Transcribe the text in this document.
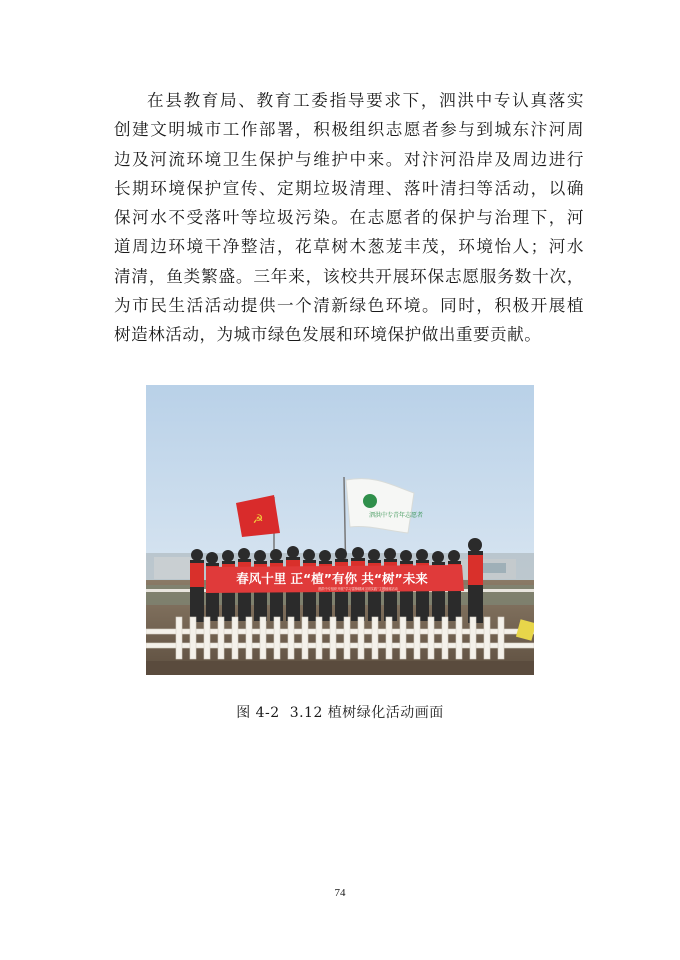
在县教育局、教育工委指导要求下，泗洪中专认真落实
创建文明城市工作部署，积极组织志愿者参与到城东汴河周
边及河流环境卫生保护与维护中来。对汴河沿岸及周边进行
长期环境保护宣传、定期垃圾清理、落叶清扫等活动，以确
保河水不受落叶等垃圾污染。在志愿者的保护与治理下，河
道周边环境干净整洁，花草树木葱茏丰茂，环境怡人；河水
清清，鱼类繁盛。三年来，该校共开展环保志愿服务数十次，
为市民生活活动提供一个清新绿色环境。同时，积极开展植
树造林活动，为城市绿色发展和环境保护做出重要贡献。
☭	泗洪中专青年志愿者
春风十里 正“植”有你 共“树”未来
泗洪中专组织开展“学习雷锋精神文明实践”主题植树活动
图 4-2 3.12 植树绿化活动画面
74
